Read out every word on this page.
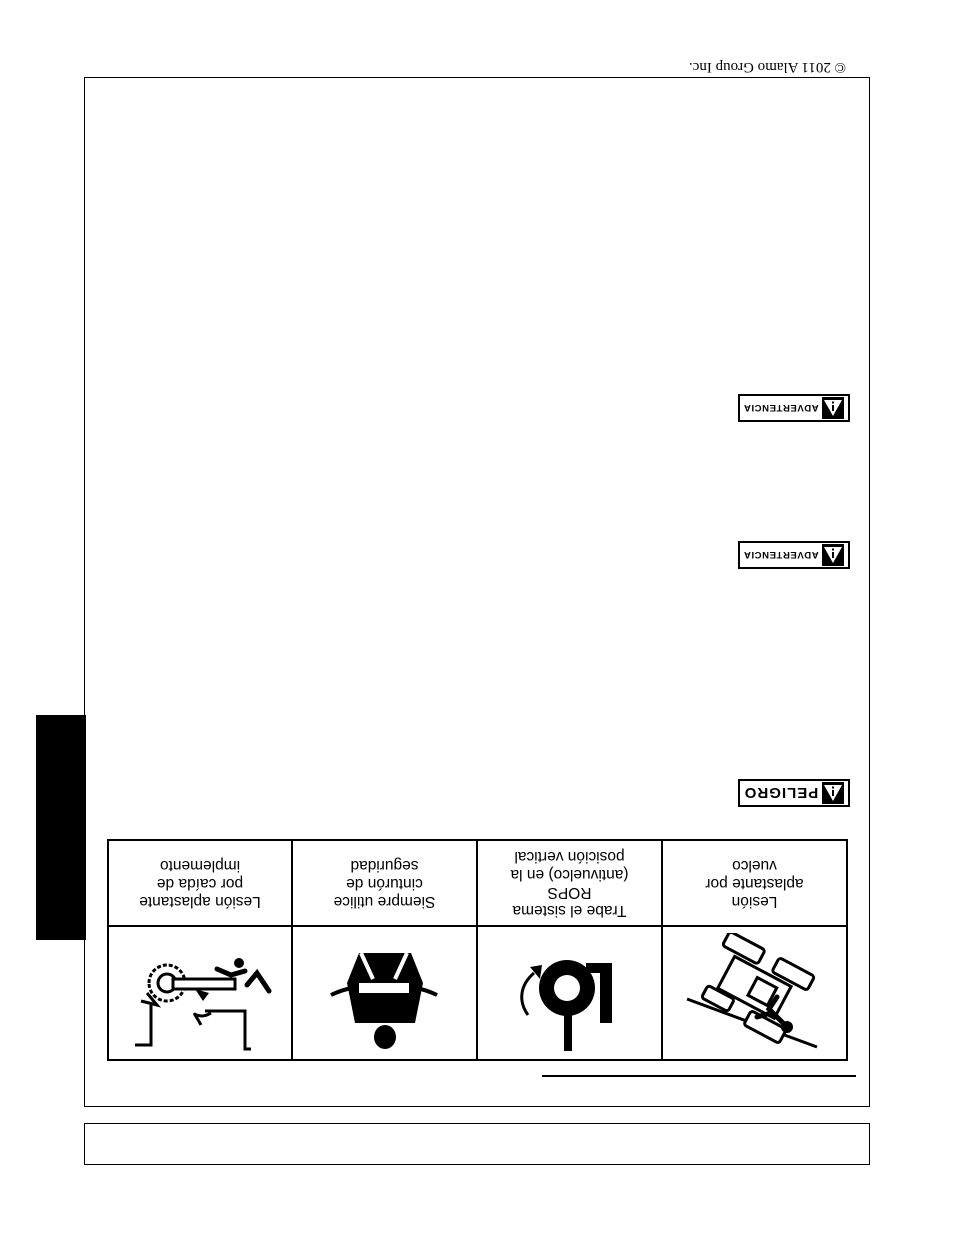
© 2011 Alamo Group Inc.
Lesión
aplastante por
vuelco
Trabe el sistema
ROPS
(antivuelco) en la
posición vertical
Siempre utilice
cinturón de
seguridad
Lesión aplastante
por caída de
implemento
PELIGRO
ADVERTENCIA
ADVERTENCIA
